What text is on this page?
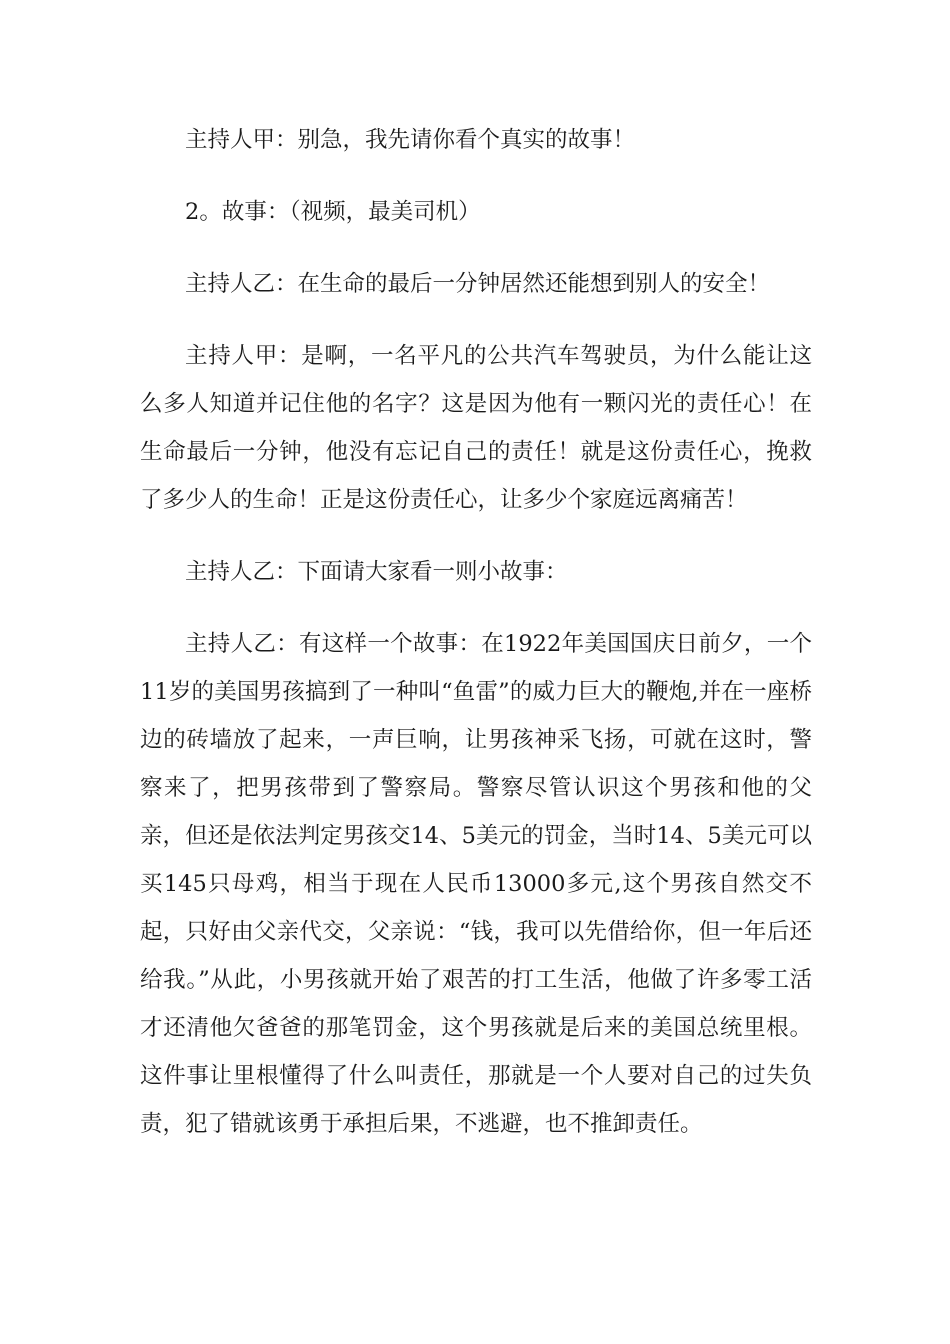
主持人甲：别急，我先请你看个真实的故事！

2。故事：（视频，最美司机）

主持人乙：在生命的最后一分钟居然还能想到别人的安全！

主持人甲：是啊，一名平凡的公共汽车驾驶员，为什么能让这么多人知道并记住他的名字？这是因为他有一颗闪光的责任心！在生命最后一分钟，他没有忘记自己的责任！就是这份责任心，挽救了多少人的生命！正是这份责任心，让多少个家庭远离痛苦！

主持人乙：下面请大家看一则小故事：

主持人乙：有这样一个故事：在1922年美国国庆日前夕，一个11岁的美国男孩搞到了一种叫“鱼雷”的威力巨大的鞭炮,并在一座桥边的砖墙放了起来，一声巨响，让男孩神采飞扬，可就在这时，警察来了，把男孩带到了警察局。警察尽管认识这个男孩和他的父亲，但还是依法判定男孩交14、5美元的罚金，当时14、5美元可以买145只母鸡，相当于现在人民币13000多元,这个男孩自然交不起，只好由父亲代交，父亲说：“钱，我可以先借给你，但一年后还给我。”从此，小男孩就开始了艰苦的打工生活，他做了许多零工活才还清他欠爸爸的那笔罚金，这个男孩就是后来的美国总统里根。这件事让里根懂得了什么叫责任，那就是一个人要对自己的过失负责，犯了错就该勇于承担后果，不逃避，也不推卸责任。
